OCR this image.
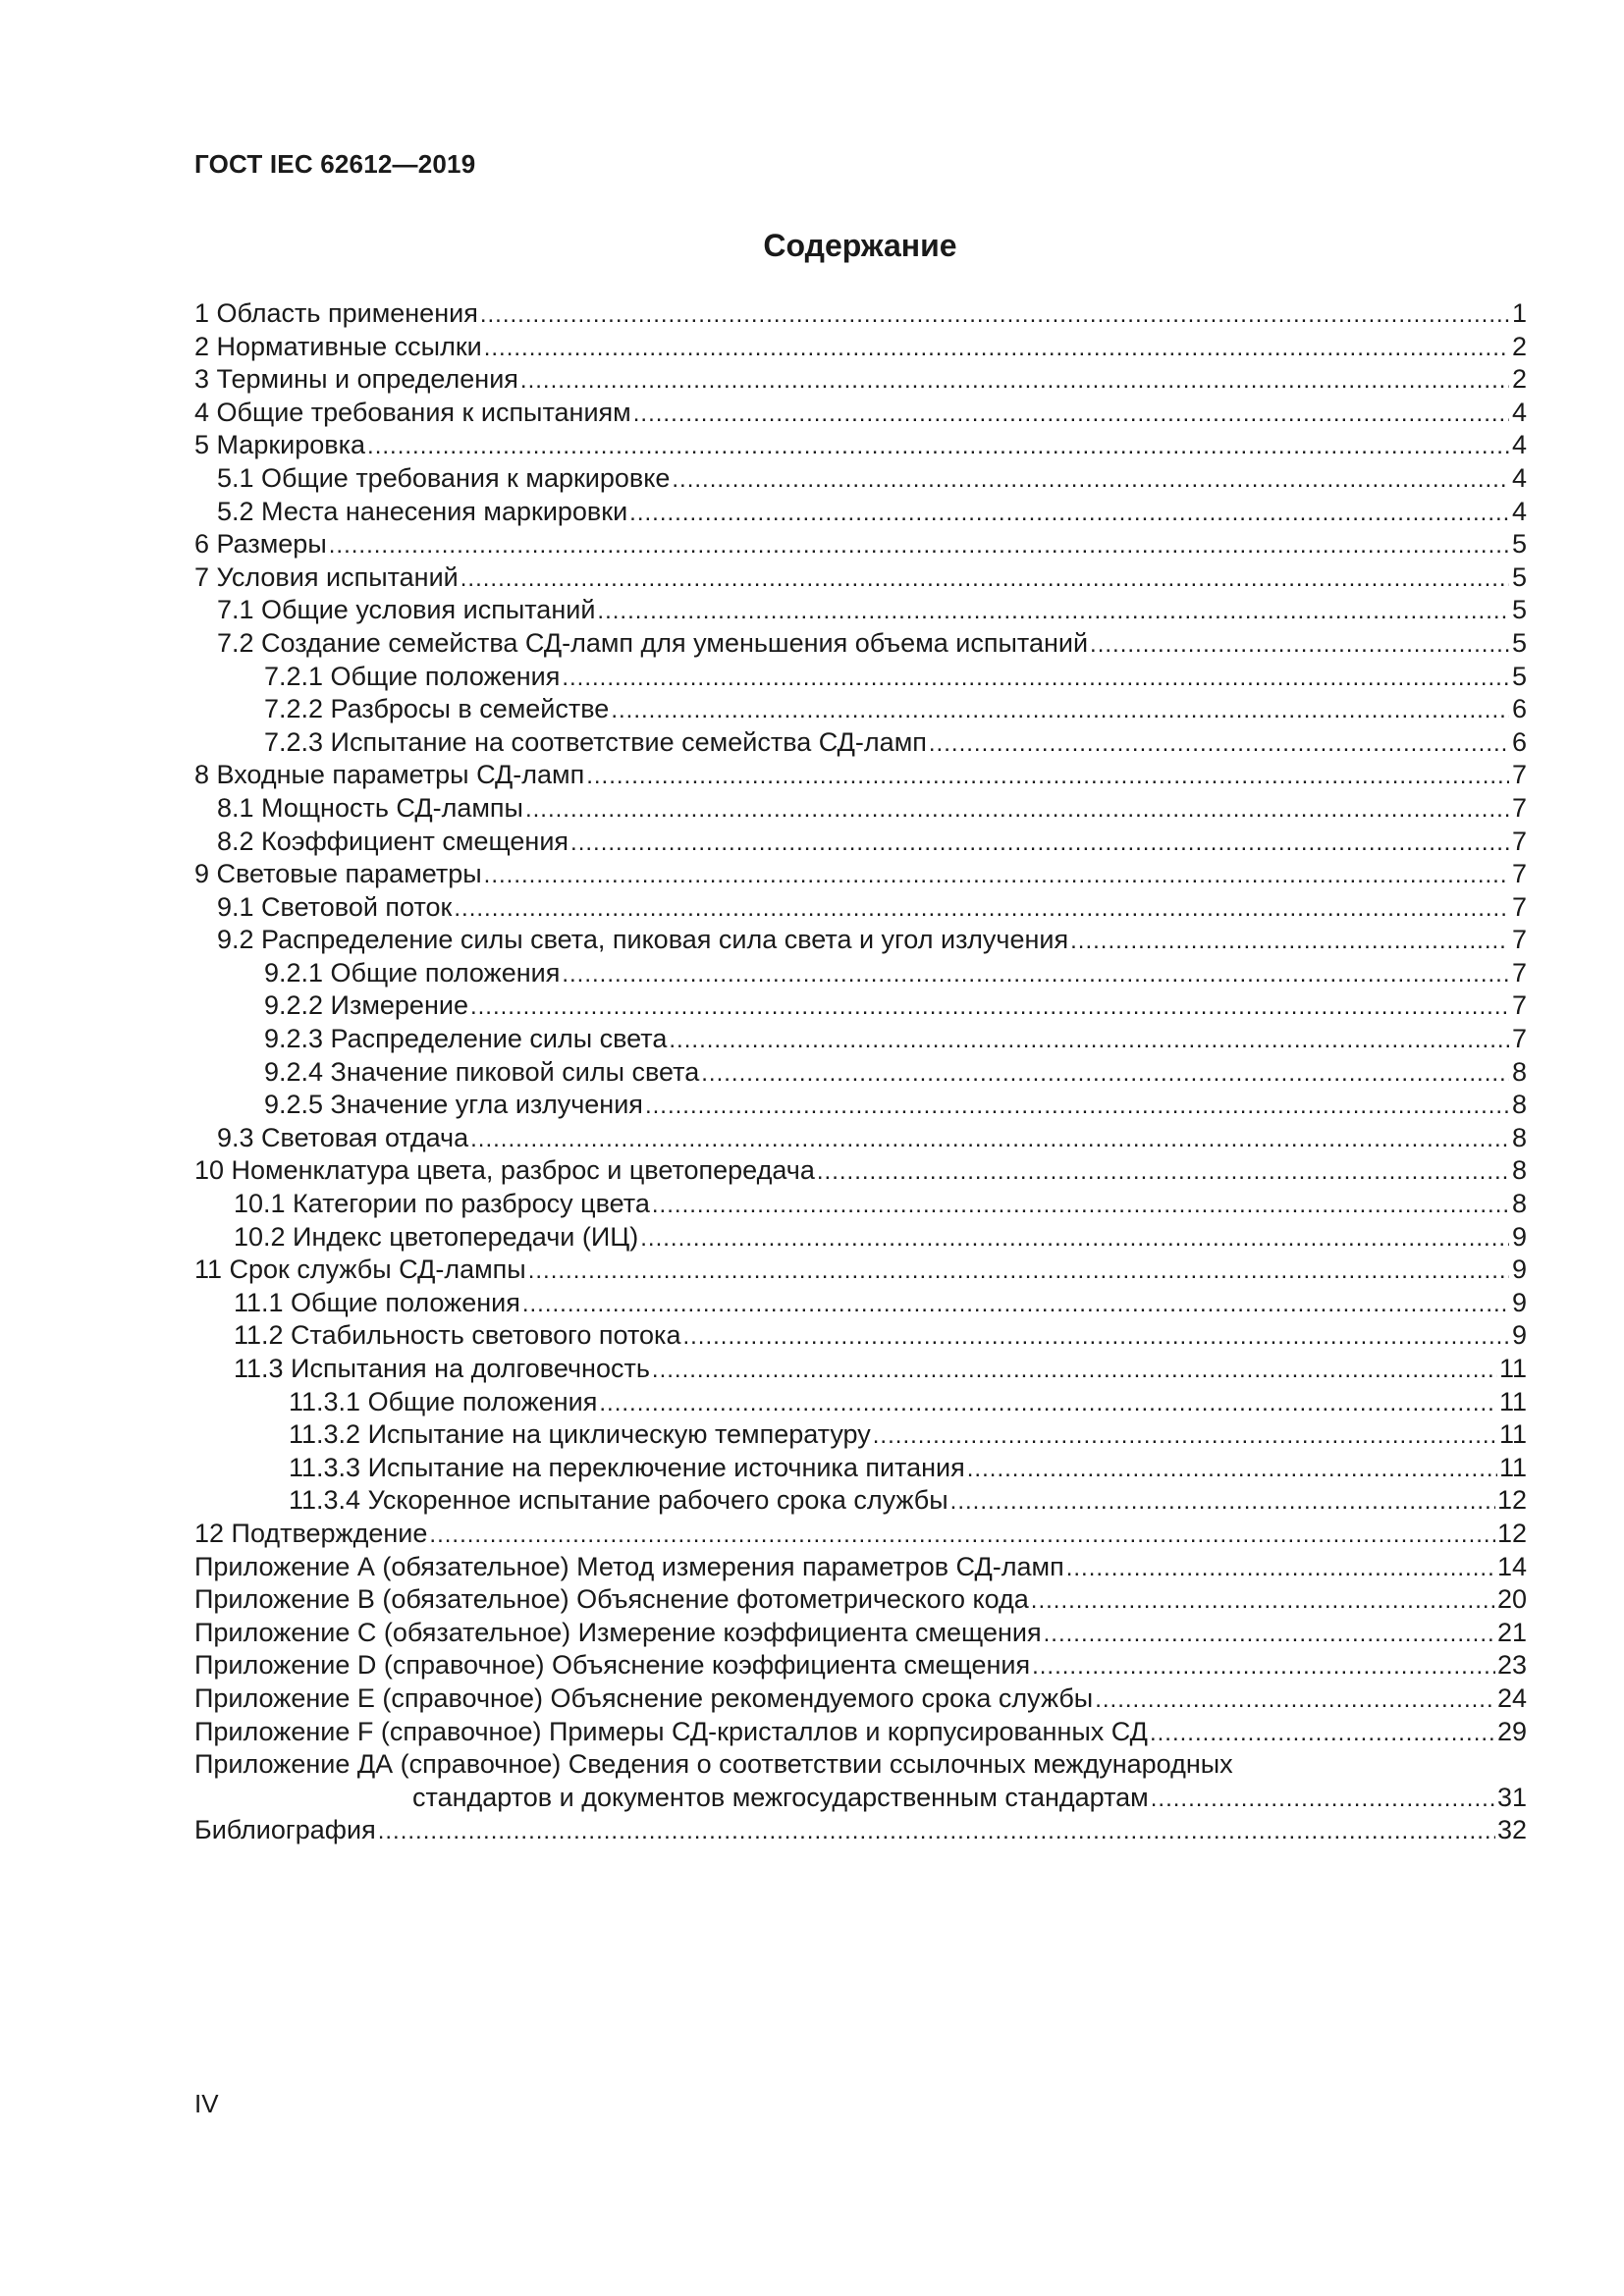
ГОСТ IEC 62612—2019
Содержание
1 Область применения .....	1
2 Нормативные ссылки .....	2
3 Термины и определения .....	2
4 Общие требования к испытаниям .....	4
5 Маркировка .....	4
5.1 Общие требования к маркировке .....	4
5.2 Места нанесения маркировки .....	4
6 Размеры .....	5
7 Условия испытаний .....	5
7.1 Общие условия испытаний .....	5
7.2 Создание семейства СД-ламп для уменьшения объема испытаний .....	5
7.2.1 Общие положения .....	5
7.2.2 Разбросы в семействе .....	6
7.2.3 Испытание на соответствие семейства СД-ламп .....	6
8 Входные параметры СД-ламп .....	7
8.1 Мощность СД-лампы .....	7
8.2 Коэффициент смещения .....	7
9 Световые параметры .....	7
9.1 Световой поток .....	7
9.2 Распределение силы света, пиковая сила света и угол излучения .....	7
9.2.1 Общие положения .....	7
9.2.2 Измерение .....	7
9.2.3 Распределение силы света .....	7
9.2.4 Значение пиковой силы света .....	8
9.2.5 Значение угла излучения .....	8
9.3 Световая отдача .....	8
10 Номенклатура цвета, разброс и цветопередача .....	8
10.1 Категории по разбросу цвета .....	8
10.2 Индекс цветопередачи (ИЦ) .....	9
11 Срок службы СД-лампы .....	9
11.1 Общие положения .....	9
11.2 Стабильность светового потока .....	9
11.3 Испытания на долговечность .....	11
11.3.1 Общие положения .....	11
11.3.2 Испытание на циклическую температуру .....	11
11.3.3 Испытание на переключение источника питания .....	11
11.3.4 Ускоренное испытание рабочего срока службы .....	12
12 Подтверждение .....	12
Приложение А (обязательное) Метод измерения параметров СД-ламп .....	14
Приложение В (обязательное) Объяснение фотометрического кода .....	20
Приложение С (обязательное) Измерение коэффициента смещения .....	21
Приложение D (справочное) Объяснение коэффициента смещения .....	23
Приложение Е (справочное) Объяснение рекомендуемого срока службы .....	24
Приложение F (справочное) Примеры СД-кристаллов и корпусированных СД .....	29
Приложение ДА (справочное) Сведения о соответствии ссылочных международных
стандартов и документов межгосударственным стандартам .....	31
Библиография .....	32
IV
